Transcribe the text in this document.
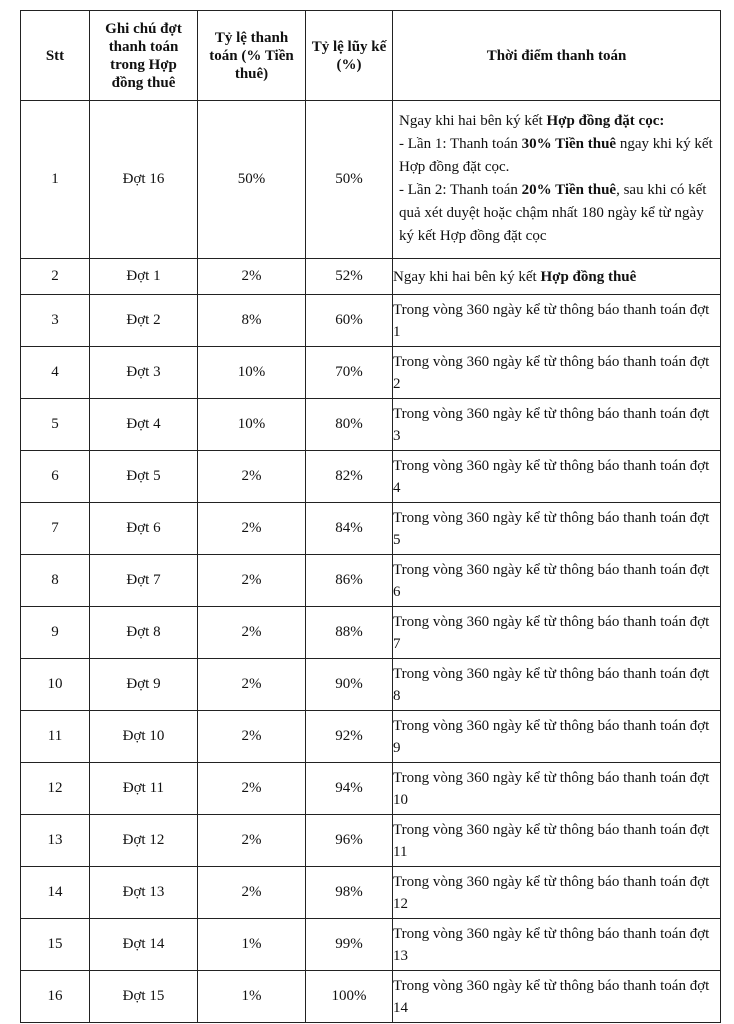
Stt	Ghi chú đợt thanh toán trong Hợp đồng thuê	Tỷ lệ thanh toán (% Tiền thuê)	Tỷ lệ lũy kế (%)	Thời điểm thanh toán
1	Đợt 16	50%	50%	Ngay khi hai bên ký kết Hợp đồng đặt cọc:
- Lần 1: Thanh toán 30% Tiền thuê ngay khi ký kết Hợp đồng đặt cọc.
- Lần 2: Thanh toán 20% Tiền thuê, sau khi có kết quả xét duyệt hoặc chậm nhất 180 ngày kể từ ngày ký kết Hợp đồng đặt cọc

2	Đợt 1	2%	52%	Ngay khi hai bên ký kết Hợp đồng thuê
3	Đợt 2	8%	60%	Trong vòng 360 ngày kể từ thông báo thanh toán đợt 1
4	Đợt 3	10%	70%	Trong vòng 360 ngày kể từ thông báo thanh toán đợt 2
5	Đợt 4	10%	80%	Trong vòng 360 ngày kể từ thông báo thanh toán đợt 3
6	Đợt 5	2%	82%	Trong vòng 360 ngày kể từ thông báo thanh toán đợt 4
7	Đợt 6	2%	84%	Trong vòng 360 ngày kể từ thông báo thanh toán đợt 5
8	Đợt 7	2%	86%	Trong vòng 360 ngày kể từ thông báo thanh toán đợt 6
9	Đợt 8	2%	88%	Trong vòng 360 ngày kể từ thông báo thanh toán đợt 7
10	Đợt 9	2%	90%	Trong vòng 360 ngày kể từ thông báo thanh toán đợt 8
11	Đợt 10	2%	92%	Trong vòng 360 ngày kể từ thông báo thanh toán đợt 9
12	Đợt 11	2%	94%	Trong vòng 360 ngày kể từ thông báo thanh toán đợt 10
13	Đợt 12	2%	96%	Trong vòng 360 ngày kể từ thông báo thanh toán đợt 11
14	Đợt 13	2%	98%	Trong vòng 360 ngày kể từ thông báo thanh toán đợt 12
15	Đợt 14	1%	99%	Trong vòng 360 ngày kể từ thông báo thanh toán đợt 13
16	Đợt 15	1%	100%	Trong vòng 360 ngày kể từ thông báo thanh toán đợt 14
